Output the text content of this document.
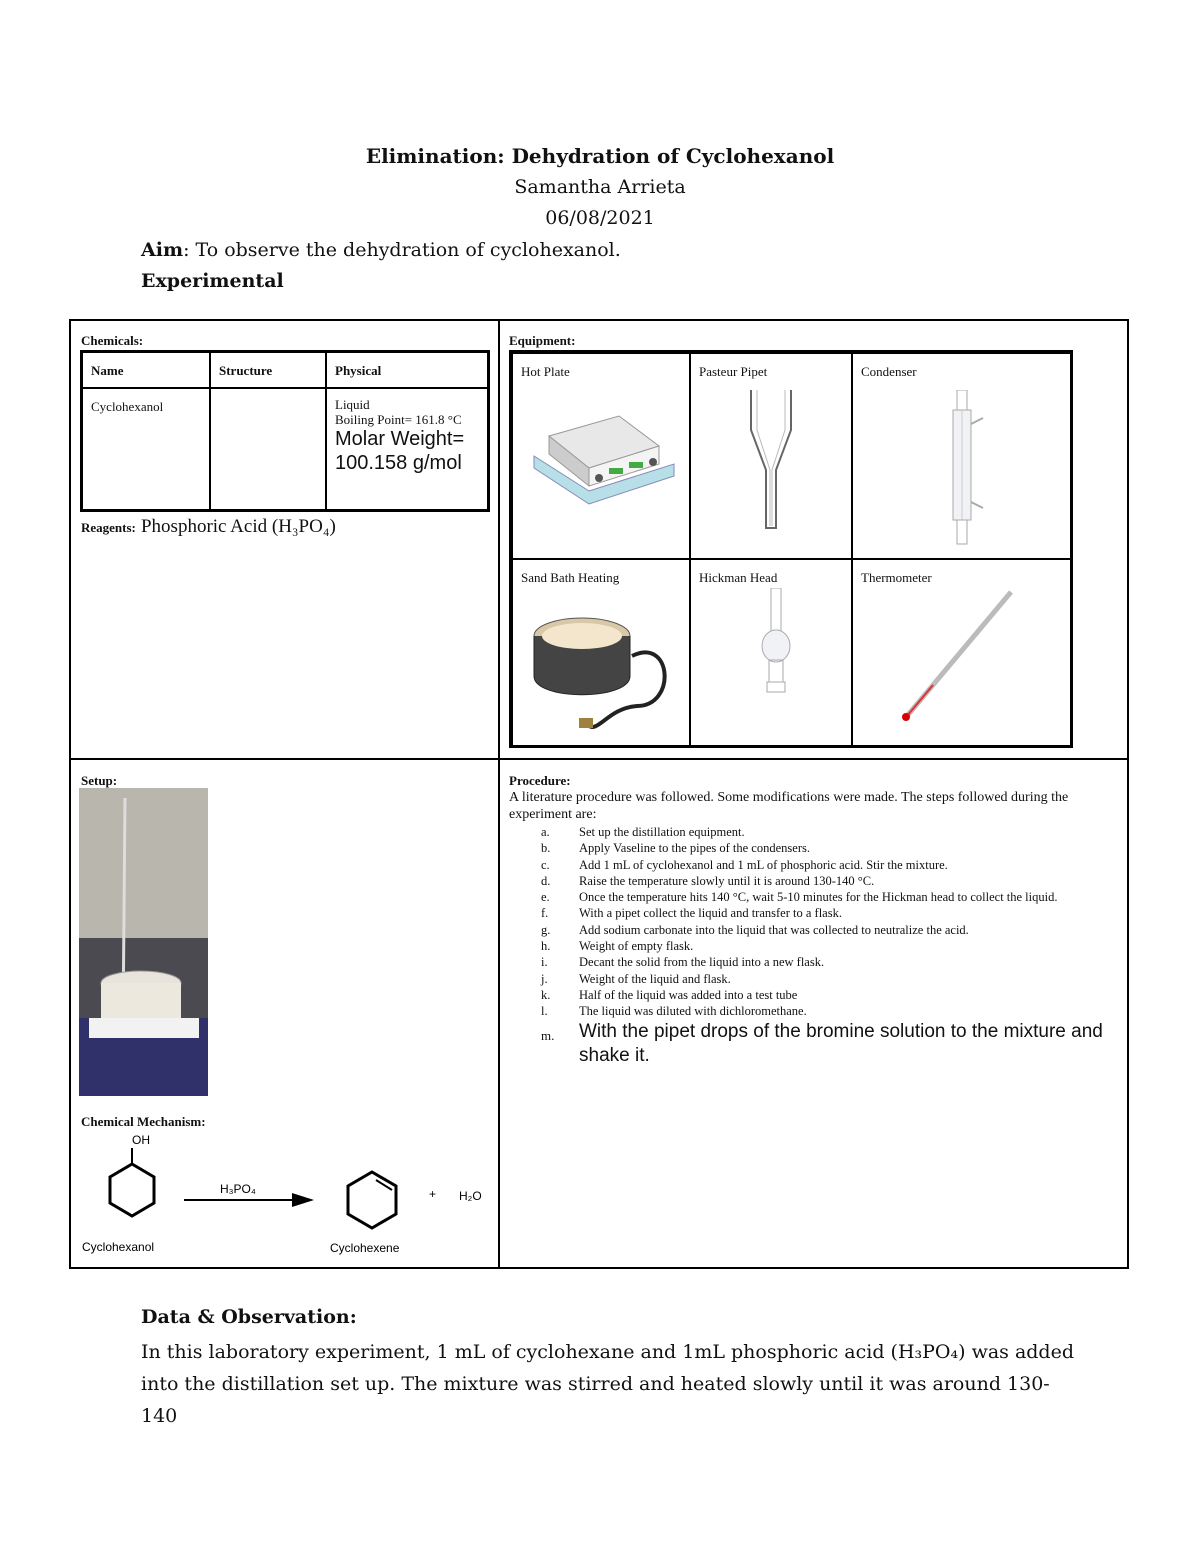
Elimination: Dehydration of Cyclohexanol
Samantha Arrieta
06/08/2021
Aim: To observe the dehydration of cyclohexanol.
Experimental
Chemicals:
Name	Structure	Physical
Cyclohexanol		Liquid
Boiling Point= 161.8 °C
Molar Weight= 100.158 g/mol
Reagents: Phosphoric Acid (H₃PO₄)
Equipment:
Hot Plate	Pasteur Pipet	Condenser
Sand Bath Heating	Hickman Head	Thermometer
Setup:
Chemical Mechanism:
OH
Cyclohexanol
H₃PO₄
Cyclohexene
+ H₂O
Procedure:
A literature procedure was followed. Some modifications were made. The steps followed during the experiment are:
a.	Set up the distillation equipment.
b.	Apply Vaseline to the pipes of the condensers.
c.	Add 1 mL of cyclohexanol and 1 mL of phosphoric acid. Stir the mixture.
d.	Raise the temperature slowly until it is around 130-140 °C.
e.	Once the temperature hits 140 °C, wait 5-10 minutes for the Hickman head to collect the liquid.
f.	With a pipet collect the liquid and transfer to a flask.
g.	Add sodium carbonate into the liquid that was collected to neutralize the acid.
h.	Weight of empty flask.
i.	Decant the solid from the liquid into a new flask.
j.	Weight of the liquid and flask.
k.	Half of the liquid was added into a test tube
l.	The liquid was diluted with dichloromethane.
m.	With the pipet drops of the bromine solution to the mixture and shake it.
Data & Observation:
In this laboratory experiment, 1 mL of cyclohexane and 1mL phosphoric acid (H₃PO₄) was added into the distillation set up. The mixture was stirred and heated slowly until it was around 130-140
